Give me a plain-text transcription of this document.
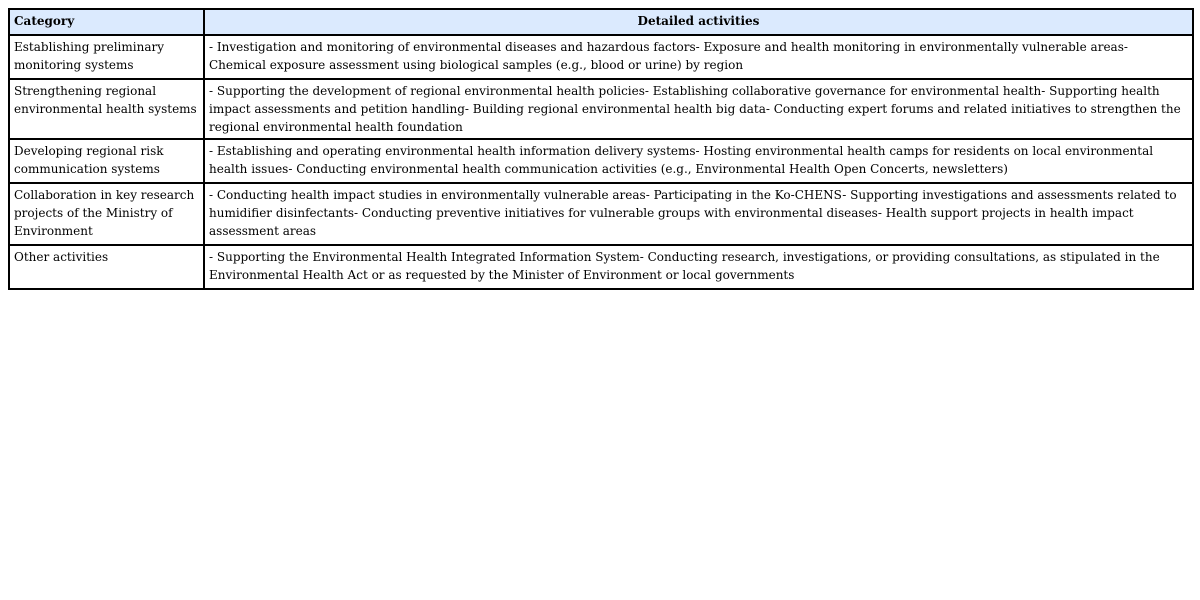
Category	Detailed activities
Establishing preliminary monitoring systems	- Investigation and monitoring of environmental diseases and hazardous factors- Exposure and health monitoring in environmentally vulnerable areas- Chemical exposure assessment using biological samples (e.g., blood or urine) by region
Strengthening regional environmental health systems	- Supporting the development of regional environmental health policies- Establishing collaborative governance for environmental health- Supporting health impact assessments and petition handling- Building regional environmental health big data- Conducting expert forums and related initiatives to strengthen the regional environmental health foundation
Developing regional risk communication systems	- Establishing and operating environmental health information delivery systems- Hosting environmental health camps for residents on local environmental health issues- Conducting environmental health communication activities (e.g., Environmental Health Open Concerts, newsletters)
Collaboration in key research projects of the Ministry of Environment	- Conducting health impact studies in environmentally vulnerable areas- Participating in the Ko-CHENS- Supporting investigations and assessments related to humidifier disinfectants- Conducting preventive initiatives for vulnerable groups with environmental diseases- Health support projects in health impact assessment areas
Other activities	- Supporting the Environmental Health Integrated Information System- Conducting research, investigations, or providing consultations, as stipulated in the Environmental Health Act or as requested by the Minister of Environment or local governments
